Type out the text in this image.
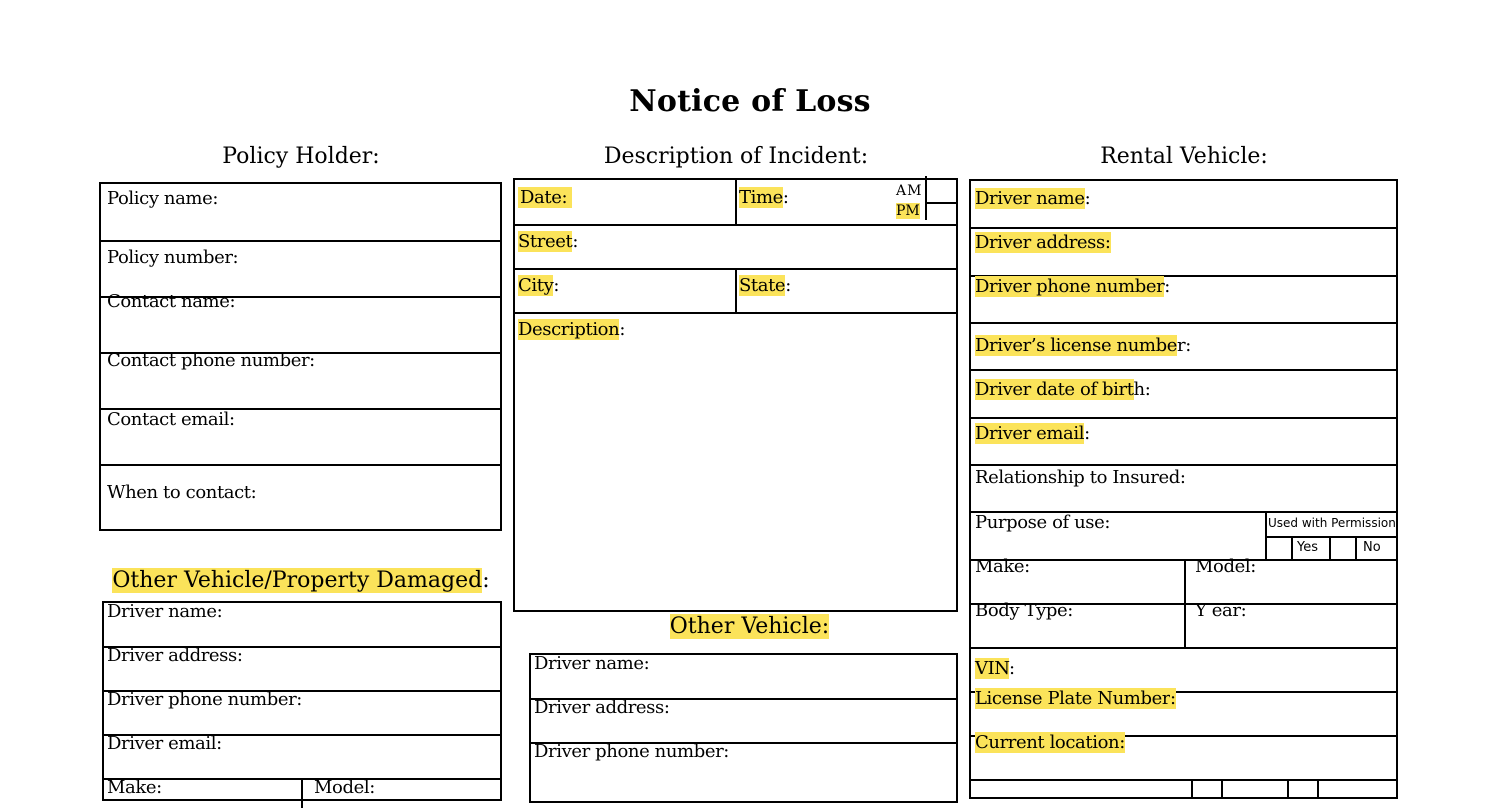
Notice of Loss
Policy Holder:	Description of Incident:	Rental Vehicle:
Policy name:
Policy number:
Contact name:
Contact phone number:
Contact email:
When to contact:
Other Vehicle/Property Damaged:
Driver name:
Driver address:
Driver phone number:
Driver email:
Make:	Model:
Date:	Time:	AM
PM
Street:
City:	State:
Description:
Other Vehicle:
Driver name:
Driver address:
Driver phone number:
Driver name:
Driver address:
Driver phone number:
Driver’s license number:
Driver date of birth:
Driver email:
Relationship to Insured:
Purpose of use:	Used with Permission
Yes	No
Make:	Model:
Body Type:	Y ear:
VIN:
License Plate Number:
Current location:
